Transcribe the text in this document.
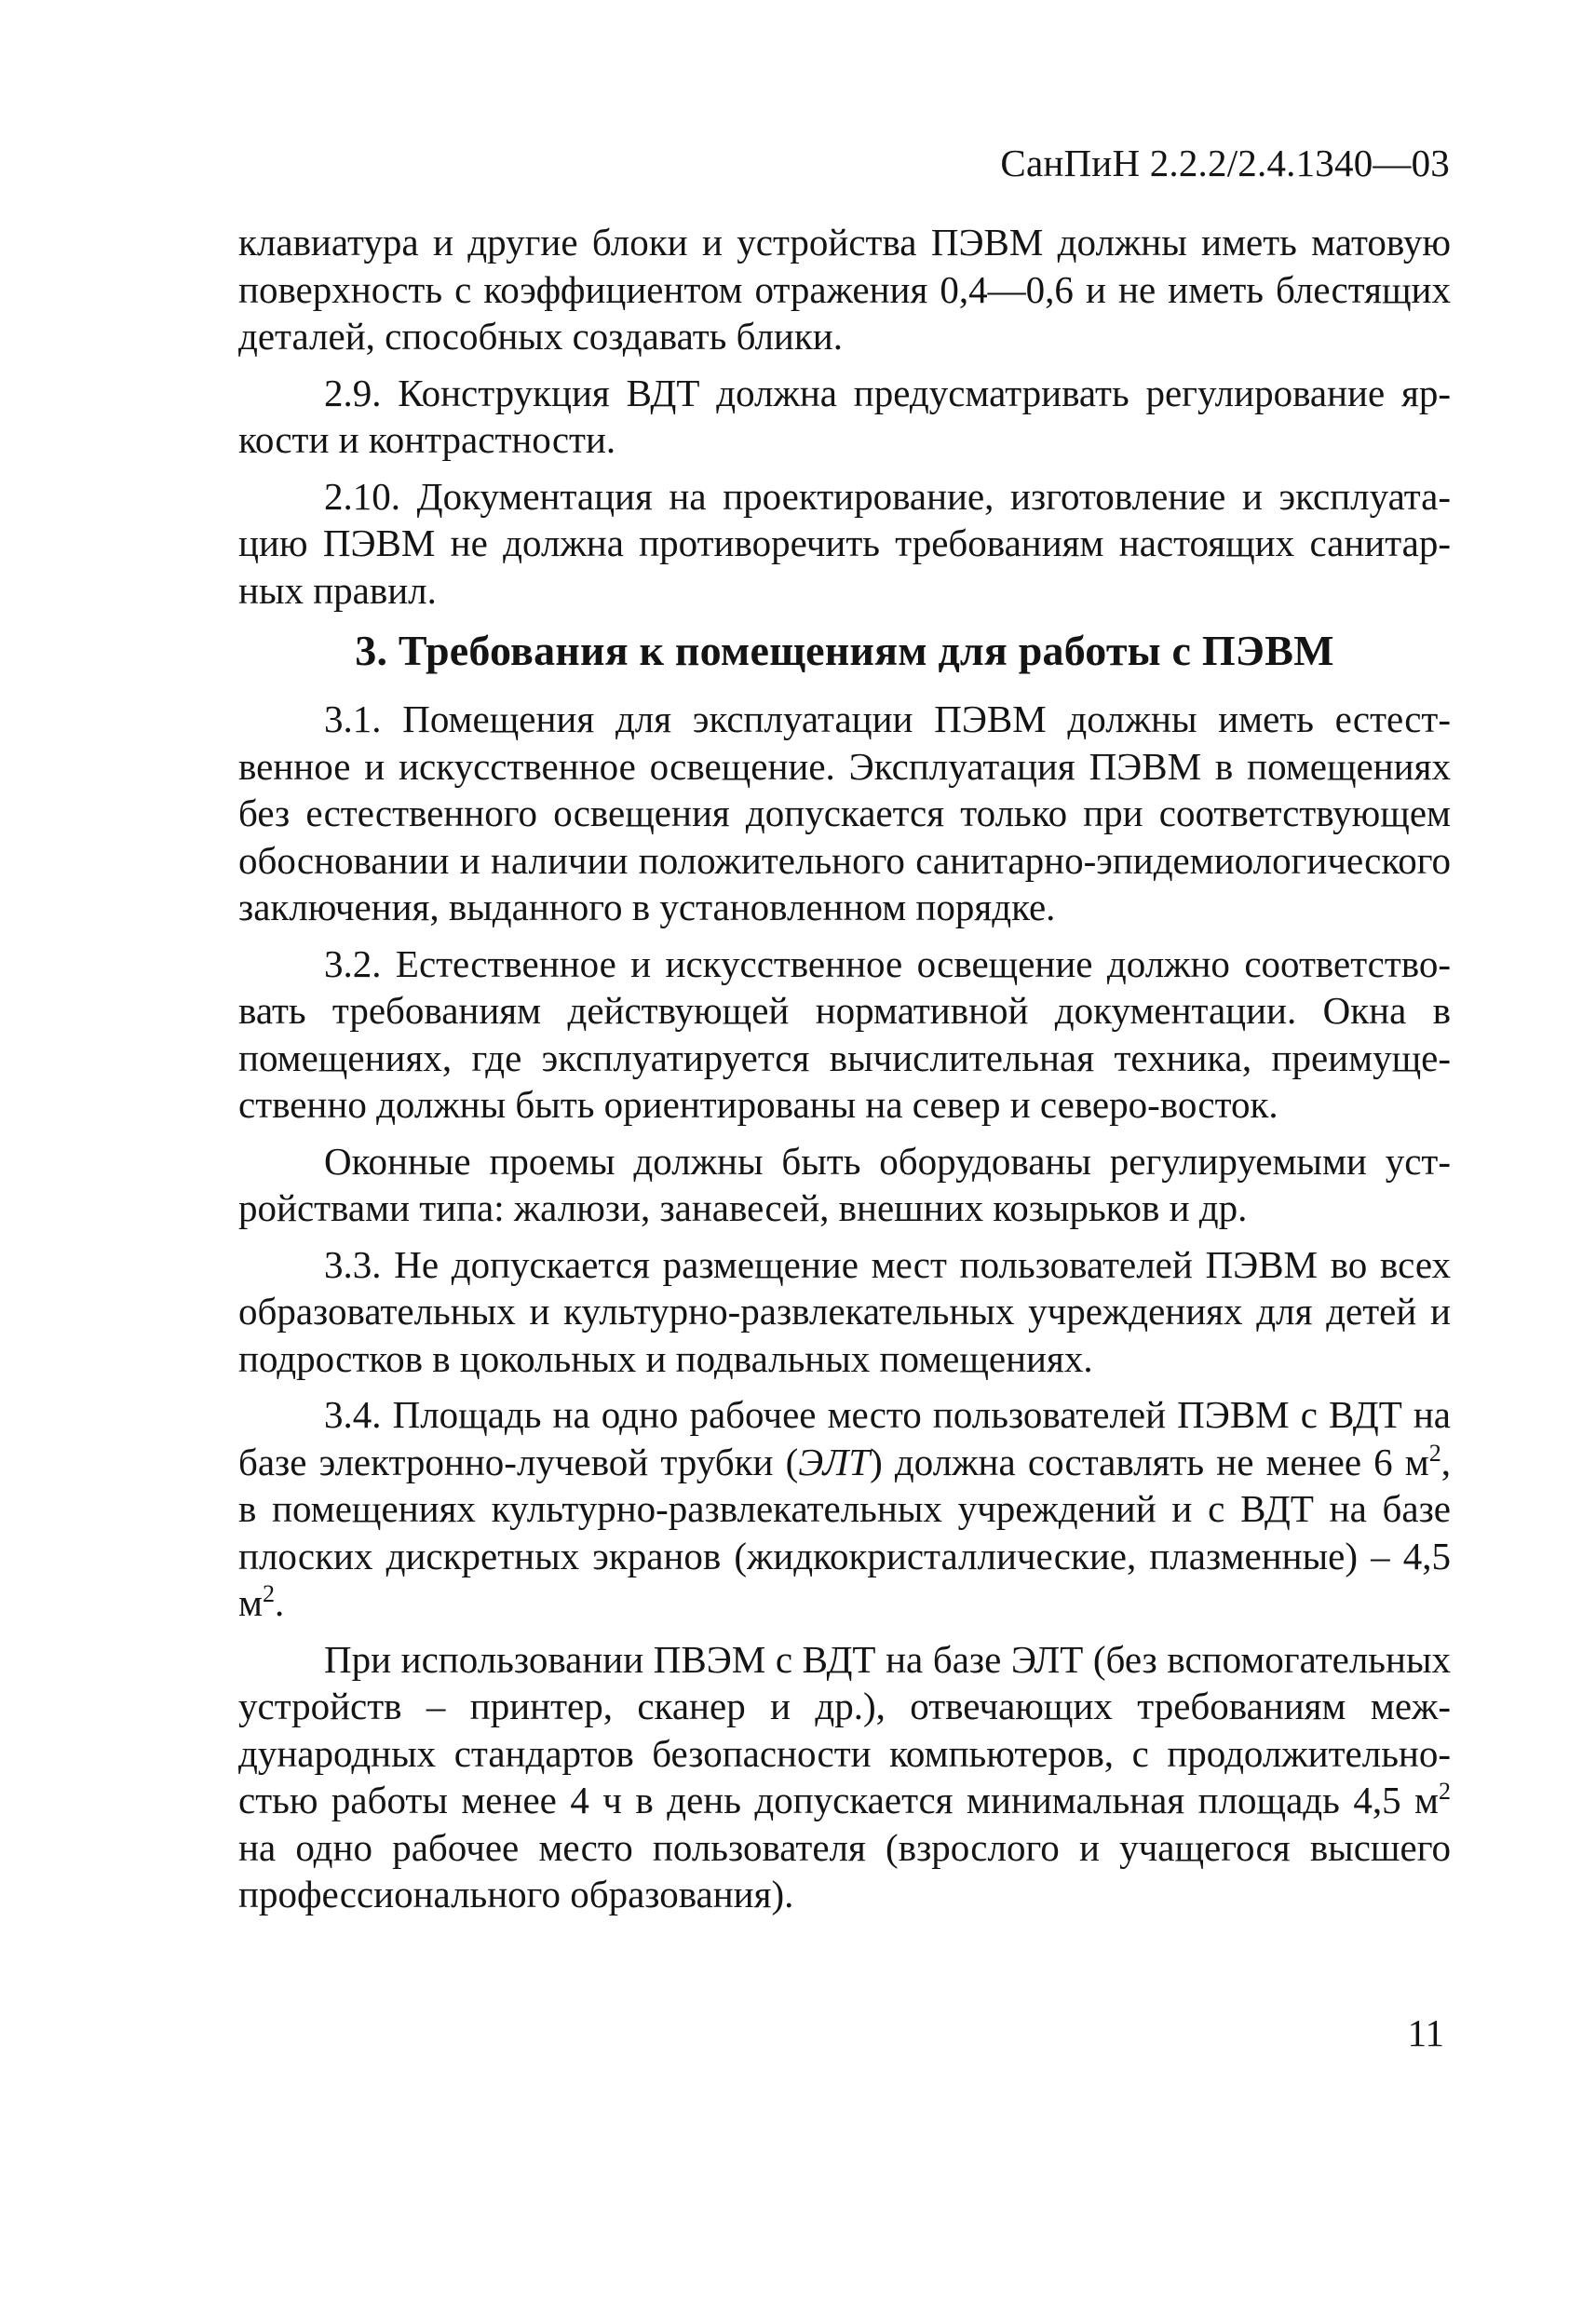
СанПиН 2.2.2/2.4.1340—03

клавиатура и другие блоки и устройства ПЭВМ должны иметь матовую поверхность с коэффициентом отражения 0,4—0,6 и не иметь блестящих деталей, способных создавать блики.

2.9. Конструкция ВДТ должна предусматривать регулирование яркости и контрастности.

2.10. Документация на проектирование, изготовление и эксплуатацию ПЭВМ не должна противоречить требованиям настоящих санитарных правил.

3. Требования к помещениям для работы с ПЭВМ

3.1. Помещения для эксплуатации ПЭВМ должны иметь естественное и искусственное освещение. Эксплуатация ПЭВМ в помещениях без естественного освещения допускается только при соответствующем обосновании и наличии положительного санитарно-эпидемиологического заключения, выданного в установленном порядке.

3.2. Естественное и искусственное освещение должно соответствовать требованиям действующей нормативной документации. Окна в помещениях, где эксплуатируется вычислительная техника, преимущественно должны быть ориентированы на север и северо-восток.

Оконные проемы должны быть оборудованы регулируемыми устройствами типа: жалюзи, занавесей, внешних козырьков и др.

3.3. Не допускается размещение мест пользователей ПЭВМ во всех образовательных и культурно-развлекательных учреждениях для детей и подростков в цокольных и подвальных помещениях.

3.4. Площадь на одно рабочее место пользователей ПЭВМ с ВДТ на базе электронно-лучевой трубки (ЭЛТ) должна составлять не менее 6 $м^2$, в помещениях культурно-развлекательных учреждений и с ВДТ на базе плоских дискретных экранов (жидкокристаллические, плазменные) – 4,5 $м^2$.

При использовании ПВЭМ с ВДТ на базе ЭЛТ (без вспомогательных устройств – принтер, сканер и др.), отвечающих требованиям международных стандартов безопасности компьютеров, с продолжительностью работы менее 4 ч в день допускается минимальная площадь 4,5 $м^2$ на одно рабочее место пользователя (взрослого и учащегося высшего профессионального образования).

11
